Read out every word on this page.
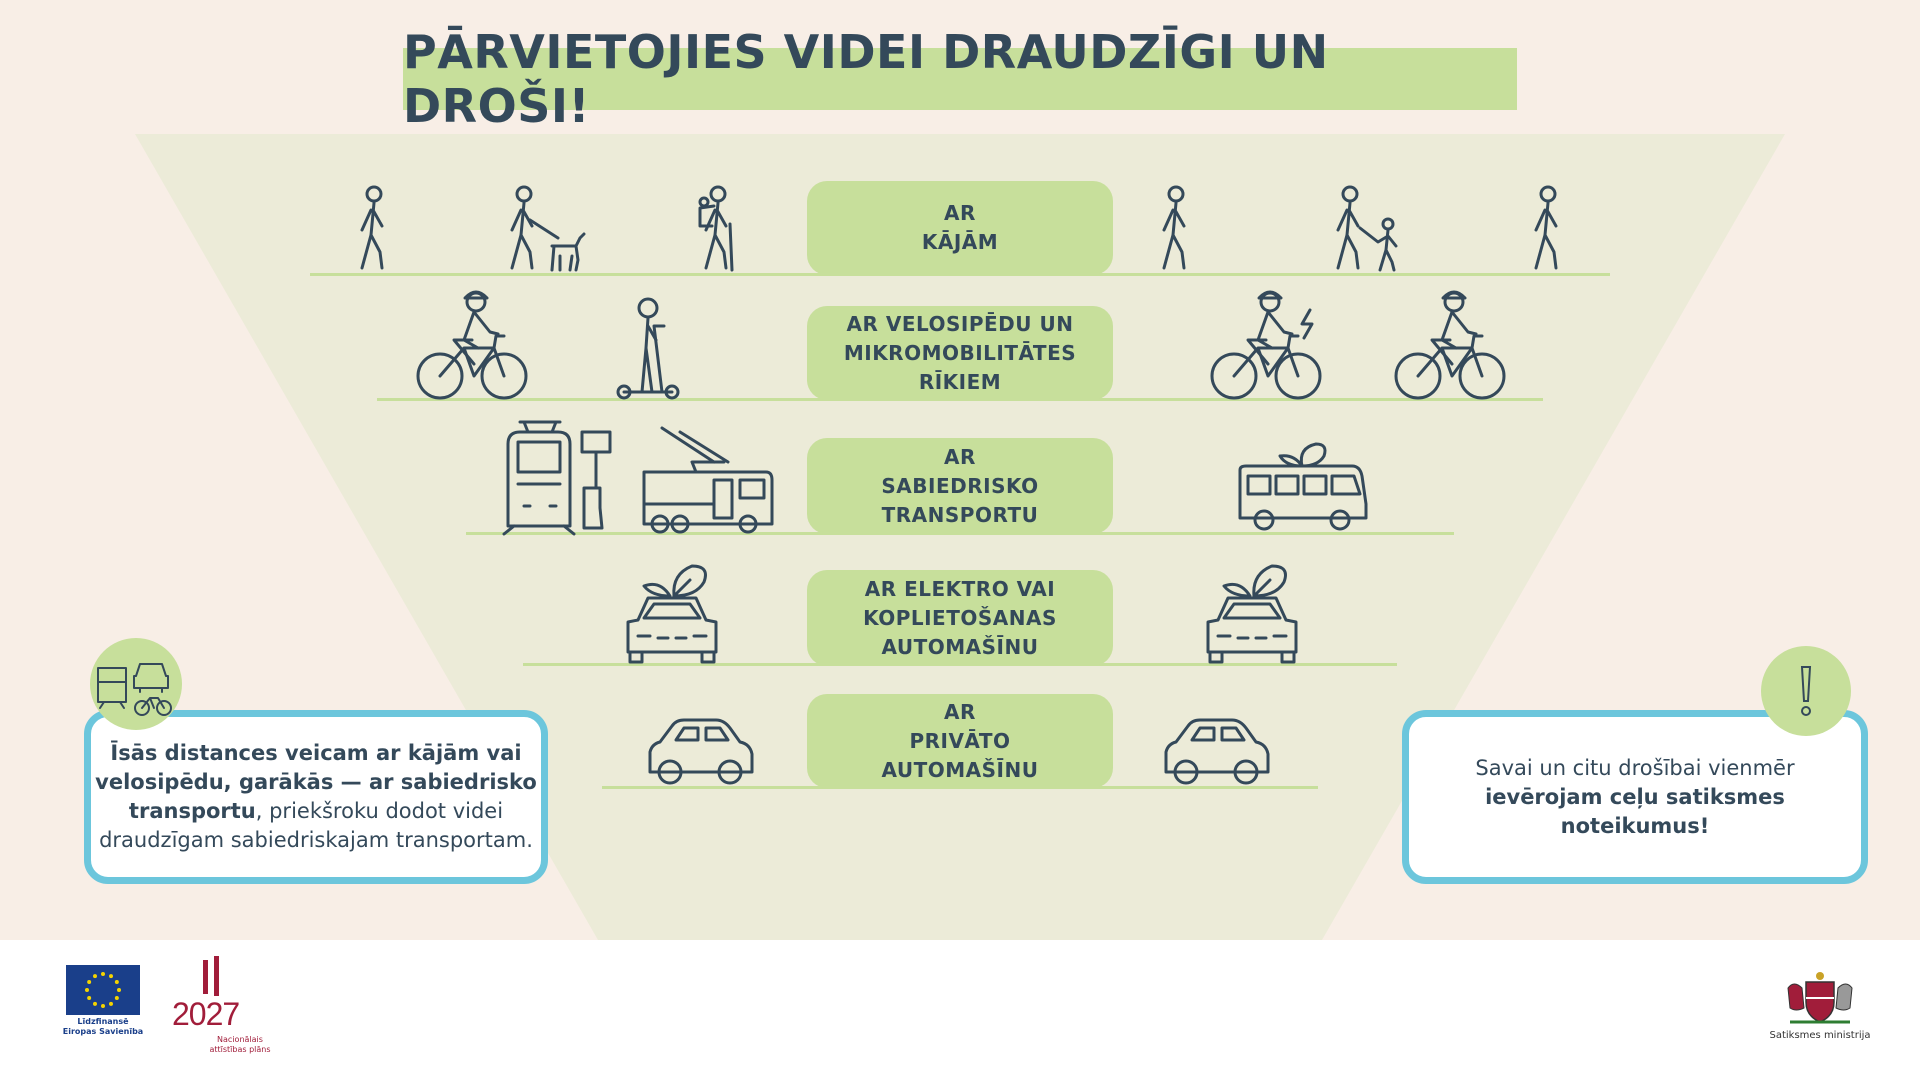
PĀRVIETOJIES VIDEI DRAUDZĪGI UN DROŠI!
AR
KĀJĀM
AR VELOSIPĒDU UN
MIKROMOBILITĀTES
RĪKIEM
AR
SABIEDRISKO
TRANSPORTU
AR ELEKTRO VAI
KOPLIETOŠANAS
AUTOMAŠĪNU
AR
PRIVĀTO
AUTOMAŠĪNU
Īsās distances veicam ar kājām vai velosipēdu, garākās — ar sabiedrisko transportu, priekšroku dodot videi draudzīgam sabiedriskajam transportam.
Savai un citu drošībai vienmēr ievērojam ceļu satiksmes noteikumus!
Līdzfinansē Eiropas Savienība 2027
Nacionālais attīstības plāns
Satiksmes ministrija
